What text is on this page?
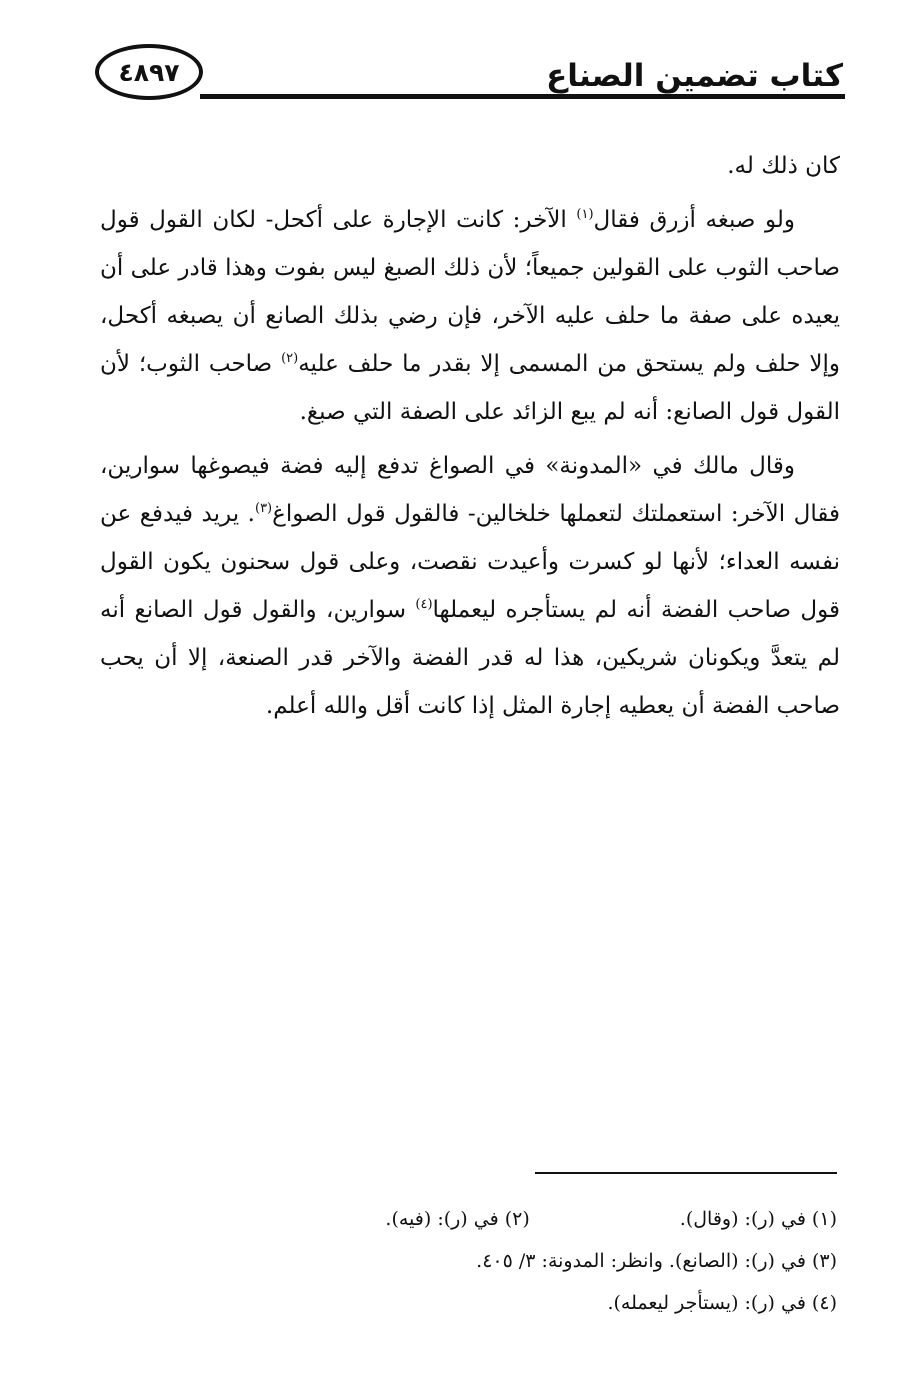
كتاب تضمين الصناع
٤٨٩٧

كان ذلك له.

ولو صبغه أزرق فقال$^{(١)}$ الآخر: كانت الإجارة على أكحل- لكان القول قول صاحب الثوب على القولين جميعاً؛ لأن ذلك الصبغ ليس بفوت وهذا قادر على أن يعيده على صفة ما حلف عليه الآخر، فإن رضي بذلك الصانع أن يصبغه أكحل، وإلا حلف ولم يستحق من المسمى إلا بقدر ما حلف عليه$^{(٢)}$ صاحب الثوب؛ لأن القول قول الصانع: أنه لم يبع الزائد على الصفة التي صبغ.

وقال مالك في «المدونة» في الصواغ تدفع إليه فضة فيصوغها سوارين، فقال الآخر: استعملتك لتعملها خلخالين- فالقول قول الصواغ$^{(٣)}$. يريد فيدفع عن نفسه العداء؛ لأنها لو كسرت وأعيدت نقصت، وعلى قول سحنون يكون القول قول صاحب الفضة أنه لم يستأجره ليعملها$^{(٤)}$ سوارين، والقول قول الصانع أنه لم يتعدَّ ويكونان شريكين، هذا له قدر الفضة والآخر قدر الصنعة، إلا أن يحب صاحب الفضة أن يعطيه إجارة المثل إذا كانت أقل والله أعلم.

(١) في (ر): (وقال).
(٢) في (ر): (فيه).
(٣) في (ر): (الصانع). وانظر: المدونة: ٣/ ٤٠٥.
(٤) في (ر): (يستأجر ليعمله).
